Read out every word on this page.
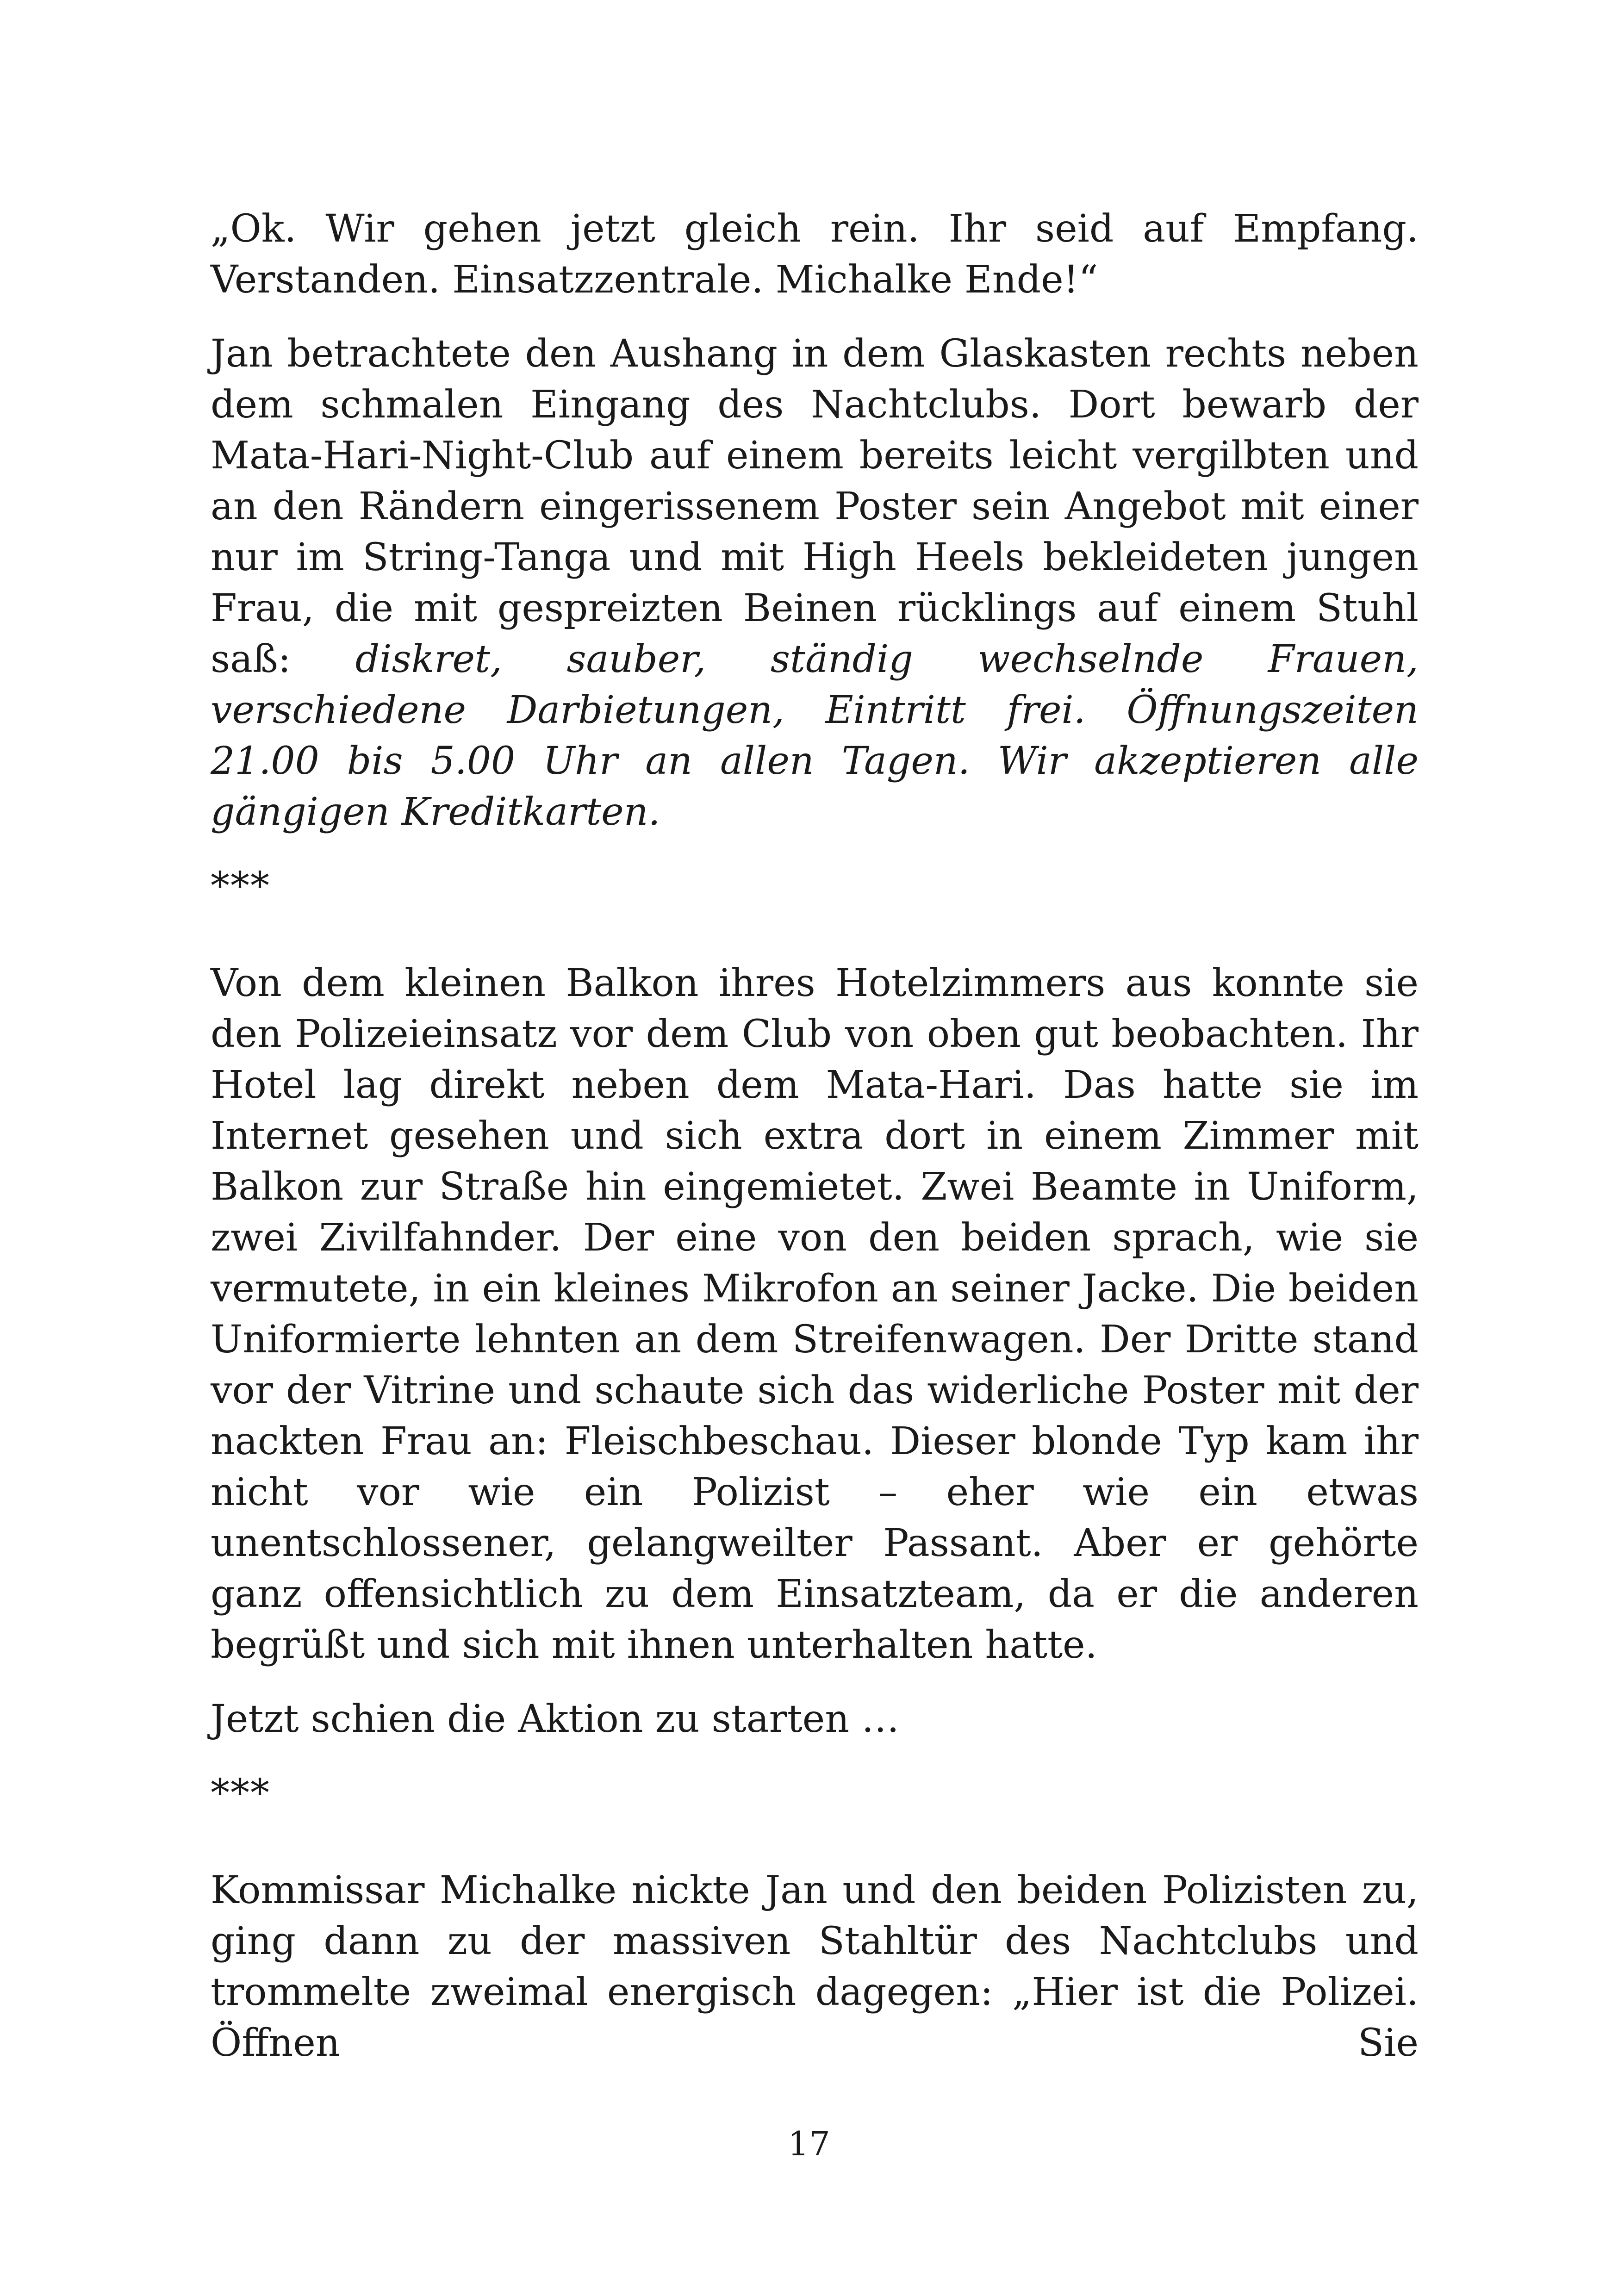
„Ok. Wir gehen jetzt gleich rein. Ihr seid auf Empfang. Verstanden. Einsatzzentrale. Michalke Ende!“

Jan betrachtete den Aushang in dem Glaskasten rechts neben dem schmalen Eingang des Nachtclubs. Dort bewarb der Mata-Hari-Night-Club auf einem bereits leicht vergilbten und an den Rändern eingerissenem Poster sein Angebot mit einer nur im String-Tanga und mit High Heels bekleideten jungen Frau, die mit gespreizten Beinen rücklings auf einem Stuhl saß: diskret, sauber, ständig wechselnde Frauen, verschiedene Darbietungen, Eintritt frei. Öffnungszeiten 21.00 bis 5.00 Uhr an allen Tagen. Wir akzeptieren alle gängigen Kreditkarten.

***

Von dem kleinen Balkon ihres Hotelzimmers aus konnte sie den Polizeieinsatz vor dem Club von oben gut beobachten. Ihr Hotel lag direkt neben dem Mata-Hari. Das hatte sie im Internet gesehen und sich extra dort in einem Zimmer mit Balkon zur Straße hin eingemietet. Zwei Beamte in Uniform, zwei Zivilfahnder. Der eine von den beiden sprach, wie sie vermutete, in ein kleines Mikrofon an seiner Jacke. Die beiden Uniformierte lehnten an dem Streifenwagen. Der Dritte stand vor der Vitrine und schaute sich das widerliche Poster mit der nackten Frau an: Fleischbeschau. Dieser blonde Typ kam ihr nicht vor wie ein Polizist – eher wie ein etwas unentschlossener, gelangweilter Passant. Aber er gehörte ganz offensichtlich zu dem Einsatzteam, da er die anderen begrüßt und sich mit ihnen unterhalten hatte.

Jetzt schien die Aktion zu starten …

***

Kommissar Michalke nickte Jan und den beiden Polizisten zu, ging dann zu der massiven Stahltür des Nachtclubs und trommelte zweimal energisch dagegen: „Hier ist die Polizei. Öffnen Sie

17
